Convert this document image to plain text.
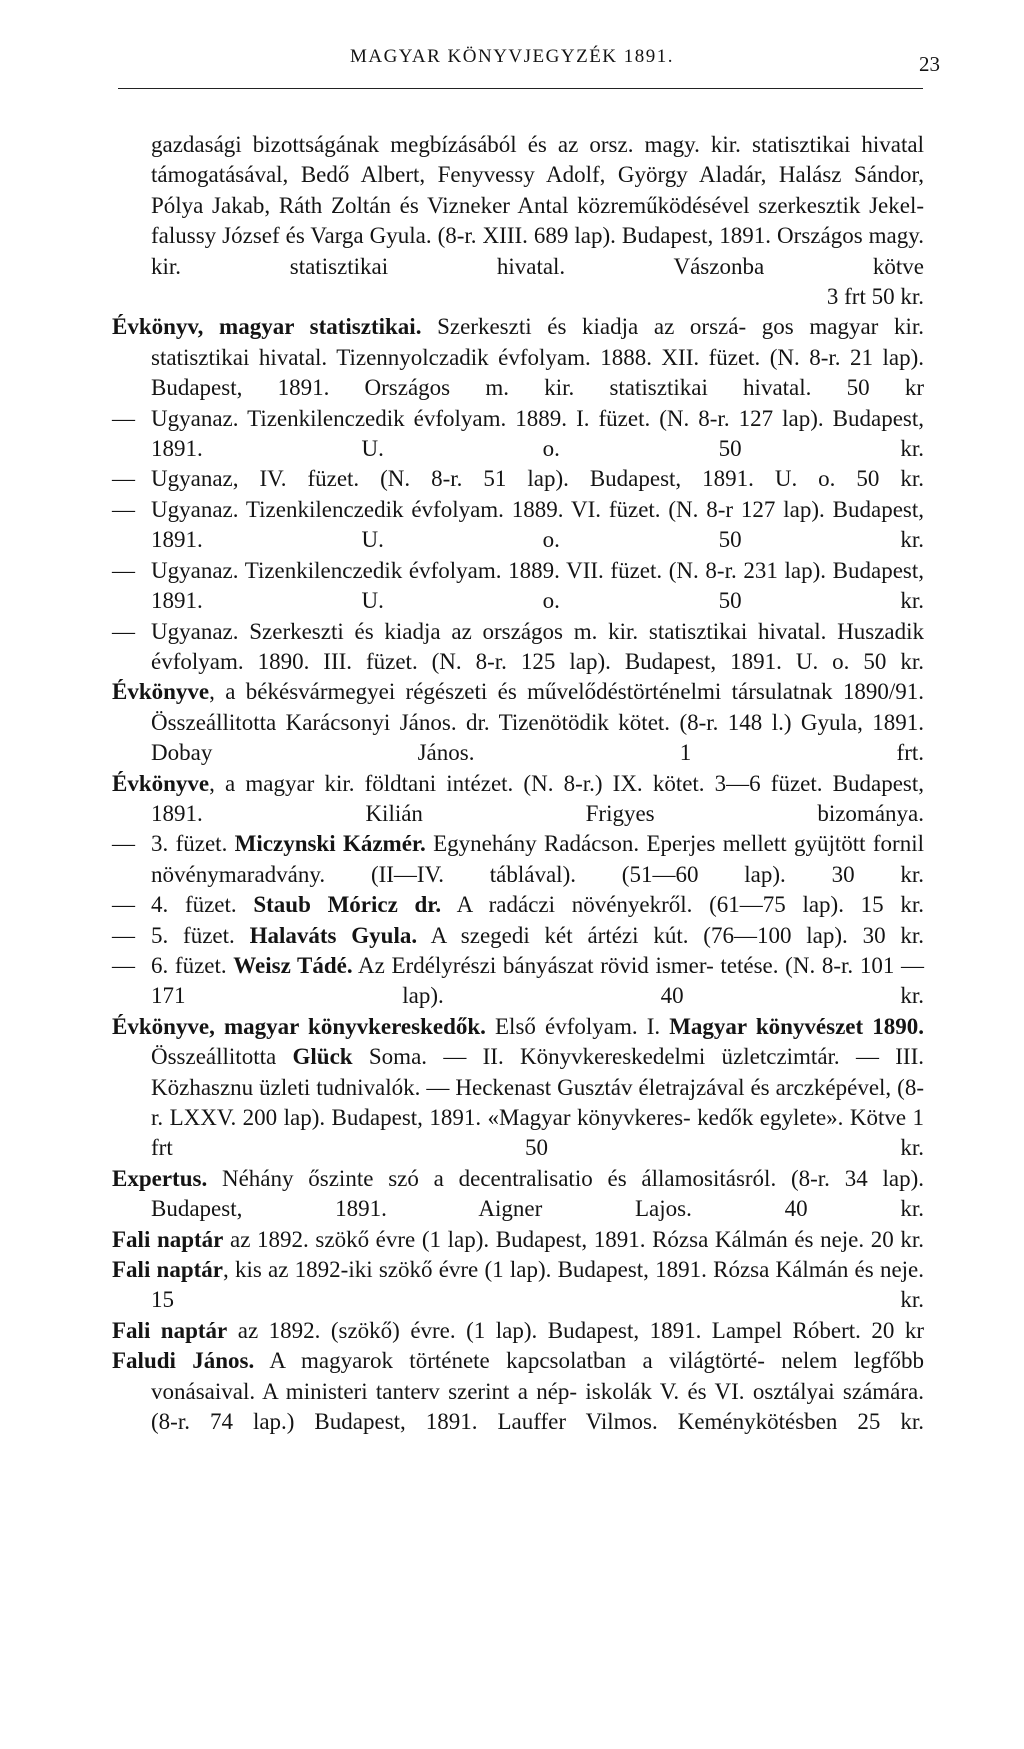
MAGYAR KÖNYVJEGYZÉK 1891.	23
gazdasági bizottságának megbízásából és az orsz. magy. kir. statisztikai hivatal támogatásával, Bedő Albert, Fenyvessy Adolf, György Aladár, Halász Sándor, Pólya Jakab, Ráth Zoltán és Vizneker Antal közreműködésével szerkesztik Jekel- falussy József és Varga Gyula. (8-r. XIII. 689 lap). Budapest, 1891. Országos magy. kir. statisztikai hivatal. Vászonba kötve
3 frt 50 kr.
Évkönyv, magyar statisztikai. Szerkeszti és kiadja az orszá- gos magyar kir. statisztikai hivatal. Tizennyolczadik évfolyam. 1888. XII. füzet. (N. 8-r. 21 lap). Budapest, 1891. Országos m. kir. statisztikai hivatal. 50 kr
— Ugyanaz. Tizenkilenczedik évfolyam. 1889. I. füzet. (N. 8-r. 127 lap). Budapest, 1891. U. o.	50 kr.
— Ugyanaz, IV. füzet. (N. 8-r. 51 lap). Budapest, 1891. U. o. 50 kr.
— Ugyanaz. Tizenkilenczedik évfolyam. 1889. VI. füzet. (N. 8-r 127 lap). Budapest, 1891. U. o.	50 kr.
— Ugyanaz. Tizenkilenczedik évfolyam. 1889. VII. füzet. (N. 8-r. 231 lap). Budapest, 1891. U. o.	50 kr.
— Ugyanaz. Szerkeszti és kiadja az országos m. kir. statisztikai hivatal. Huszadik évfolyam. 1890. III. füzet. (N. 8-r. 125 lap). Budapest, 1891. U. o. 50 kr.
Évkönyve, a békésvármegyei régészeti és művelődéstörténelmi társulatnak 1890/91. Összeállitotta Karácsonyi János. dr. Tizenötödik kötet. (8-r. 148 l.) Gyula, 1891. Dobay János. 1 frt.
Évkönyve, a magyar kir. földtani intézet. (N. 8-r.) IX. kötet. 3—6 füzet. Budapest, 1891. Kilián Frigyes bizománya.
— 3. füzet. Miczynski Kázmér. Egynehány Radácson. Eperjes mellett gyüjtött fornil növénymaradvány. (II—IV. táblával). (51—60 lap). 30 kr.
— 4. füzet. Staub Móricz dr. A radáczi növényekről. (61—75 lap). 15 kr.
— 5. füzet. Halaváts Gyula. A szegedi két ártézi kút. (76—100 lap). 30 kr.
— 6. füzet. Weisz Tádé. Az Erdélyrészi bányászat rövid ismer- tetése. (N. 8-r. 101 —171 lap).	40 kr.
Évkönyve, magyar könyvkereskedők. Első évfolyam. I. Magyar könyvészet 1890. Összeállitotta Glück Soma. — II. Könyvkereskedelmi üzletczimtár. — III. Közhasznu üzleti tudnivalók. — Heckenast Gusztáv életrajzával és arczképével, (8-r. LXXV. 200 lap). Budapest, 1891. «Magyar könyvkeres- kedők egylete». Kötve 1 frt 50 kr.
Expertus. Néhány őszinte szó a decentralisatio és államositásról. (8-r. 34 lap). Budapest, 1891. Aigner Lajos.	40 kr.
Fali naptár az 1892. szökő évre (1 lap). Budapest, 1891. Rózsa Kálmán és neje. 20 kr.
Fali naptár, kis az 1892-iki szökő évre (1 lap). Budapest, 1891. Rózsa Kálmán és neje. 15 kr.
Fali naptár az 1892. (szökő) évre. (1 lap). Budapest, 1891. Lampel Róbert. 20 kr
Faludi János. A magyarok története kapcsolatban a világtörté- nelem legfőbb vonásaival. A ministeri tanterv szerint a nép- iskolák V. és VI. osztályai számára. (8-r. 74 lap.) Budapest, 1891. Lauffer Vilmos. Keménykötésben 25 kr.
